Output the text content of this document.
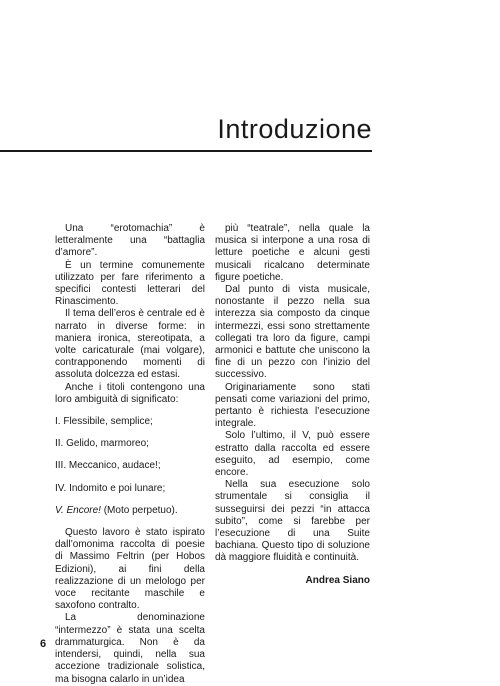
Introduzione

Una “erotomachia” è letteralmente una “battaglia d’amore”.

È un termine comunemente utilizzato per fare riferimento a specifici contesti letterari del Rinascimento.

Il tema dell’eros è centrale ed è narrato in diverse forme: in maniera ironica, stereotipata, a volte caricaturale (mai volgare), contrapponendo momenti di assoluta dolcezza ed estasi.

Anche i titoli contengono una loro ambiguità di significato:

I. Flessibile, semplice;
II. Gelido, marmoreo;
III. Meccanico, audace!;
IV. Indomito e poi lunare;
V. Encore! (Moto perpetuo).

Questo lavoro è stato ispirato dall’omonima raccolta di poesie di Massimo Feltrin (per Hobos Edizioni), ai fini della realizzazione di un melologo per voce recitante maschile e saxofono contralto.

La denominazione “intermezzo” è stata una scelta drammaturgica. Non è da intendersi, quindi, nella sua accezione tradizionale solistica, ma bisogna calarlo in un’idea

più “teatrale”, nella quale la musica si interpone a una rosa di letture poetiche e alcuni gesti musicali ricalcano determinate figure poetiche.

Dal punto di vista musicale, nonostante il pezzo nella sua interezza sia composto da cinque intermezzi, essi sono strettamente collegati tra loro da figure, campi armonici e battute che uniscono la fine di un pezzo con l’inizio del successivo.

Originariamente sono stati pensati come variazioni del primo, pertanto è richiesta l’esecuzione integrale.

Solo l’ultimo, il V, può essere estratto dalla raccolta ed essere eseguito, ad esempio, come encore.

Nella sua esecuzione solo strumentale si consiglia il susseguirsi dei pezzi “in attacca subito”, come si farebbe per l’esecuzione di una Suite bachiana. Questo tipo di soluzione dà maggiore fluidità e continuità.

Andrea Siano

6
